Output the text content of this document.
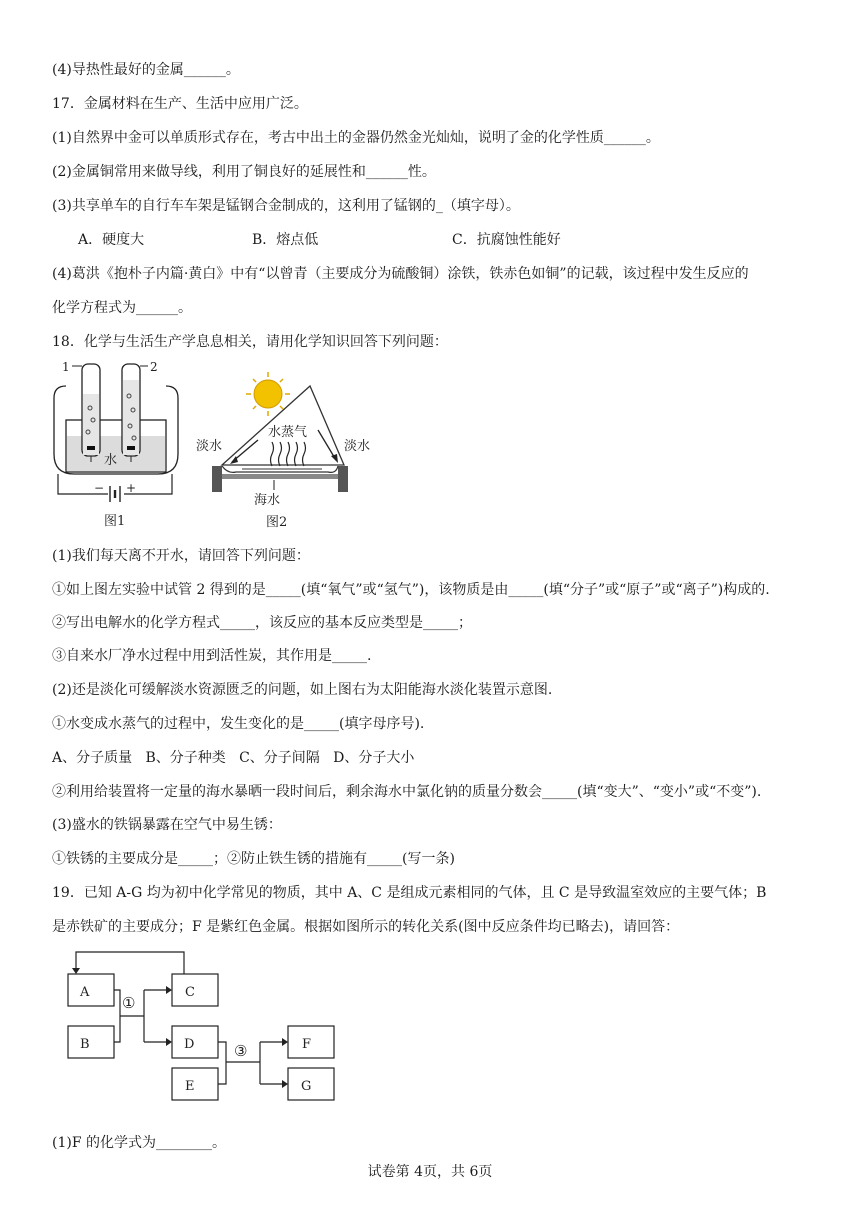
(4)导热性最好的金属______。
17．金属材料在生产、生活中应用广泛。
(1)自然界中金可以单质形式存在，考古中出土的金器仍然金光灿灿，说明了金的化学性质______。
(2)金属铜常用来做导线，利用了铜良好的延展性和______性。
(3)共享单车的自行车车架是锰钢合金制成的，这利用了锰钢的_（填字母）。
A．硬度大	B．熔点低	C．抗腐蚀性能好
(4)葛洪《抱朴子内篇·黄白》中有“以曾青（主要成分为硫酸铜）涂铁，铁赤色如铜”的记载，该过程中发生反应的
化学方程式为______。
18．化学与生活生产学息息相关，请用化学知识回答下列问题：
水
1	2
− +
图1
淡水	淡水
水蒸气
海水
图2
(1)我们每天离不开水，请回答下列问题：
①如上图左实验中试管 2 得到的是_____(填“氧气”或“氢气”)，该物质是由_____(填“分子”或“原子”或“离子”)构成的.
②写出电解水的化学方程式_____，该反应的基本反应类型是_____；
③自来水厂净水过程中用到活性炭，其作用是_____.
(2)还是淡化可缓解淡水资源匮乏的问题，如上图右为太阳能海水淡化装置示意图.
①水变成水蒸气的过程中，发生变化的是_____(填字母序号).
A、分子质量   B、分子种类   C、分子间隔   D、分子大小
②利用给装置将一定量的海水暴晒一段时间后，剩余海水中氯化钠的质量分数会_____(填“变大”、“变小”或“不变”).
(3)盛水的铁锅暴露在空气中易生锈：
①铁锈的主要成分是_____；②防止铁生锈的措施有_____(写一条)
19．已知 A-G 均为初中化学常见的物质，其中 A、C 是组成元素相同的气体，且 C 是导致温室效应的主要气体；B
是赤铁矿的主要成分；F 是紫红色金属。根据如图所示的转化关系(图中反应条件均已略去)，请回答：
A
B
C
D
E
F
G
①
③
(1)F 的化学式为________。
试卷第 4页，共 6页
